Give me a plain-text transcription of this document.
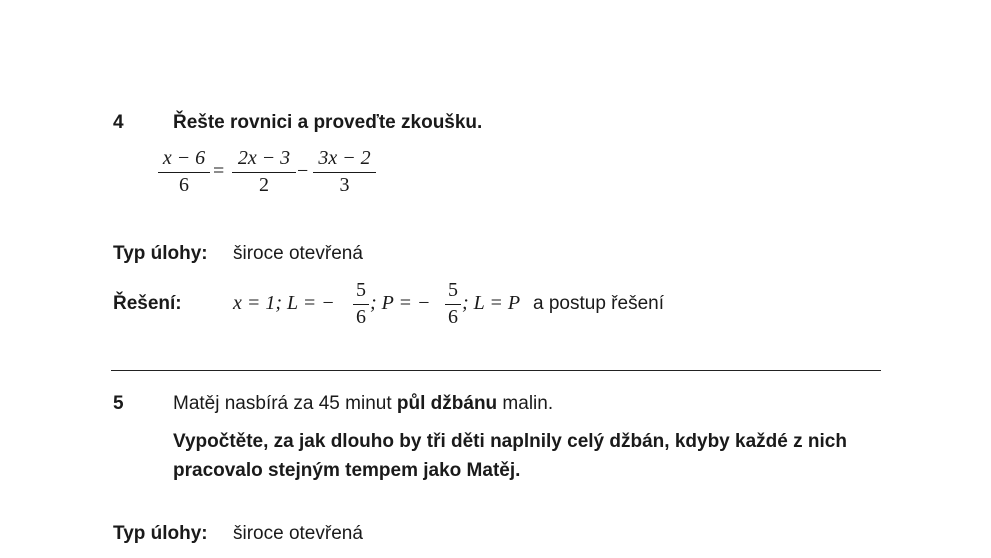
4	Řešte rovnici a proveďte zkoušku.
x − 6
6
=
2x − 3
2
−
3x − 2
3
Typ úlohy: široce otevřená
Řešení:	x = 1; L = −
5
6
; P = −
5
6
; L = P a postup řešení
5	Matěj nasbírá za 45 minut půl džbánu malin.
Vypočtěte, za jak dlouho by tři děti naplnily celý džbán, kdyby každé z nich
pracovalo stejným tempem jako Matěj.
Typ úlohy: široce otevřená
